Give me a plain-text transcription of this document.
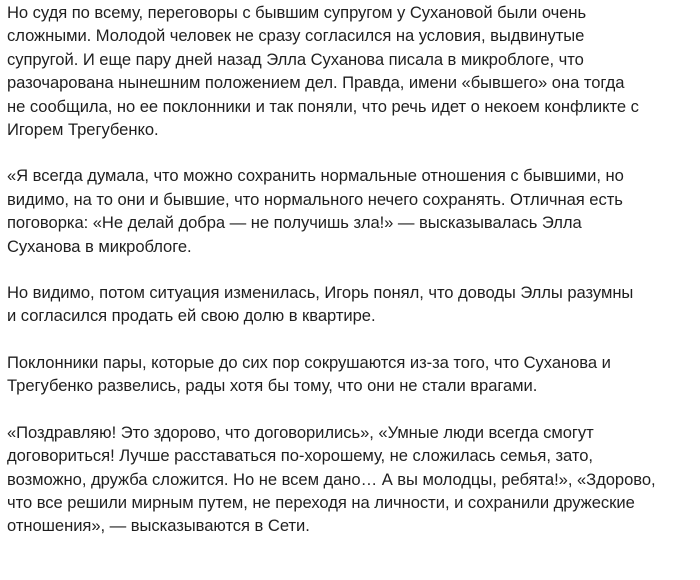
Но судя по всему, переговоры с бывшим супругом у Сухановой были очень
сложными. Молодой человек не сразу согласился на условия, выдвинутые
супругой. И еще пару дней назад Элла Суханова писала в микроблоге, что
разочарована нынешним положением дел. Правда, имени «бывшего» она тогда
не сообщила, но ее поклонники и так поняли, что речь идет о некоем конфликте с
Игорем Трегубенко.

«Я всегда думала, что можно сохранить нормальные отношения с бывшими, но
видимо, на то они и бывшие, что нормального нечего сохранять. Отличная есть
поговорка: «Не делай добра — не получишь зла!» — высказывалась Элла
Суханова в микроблоге.

Но видимо, потом ситуация изменилась, Игорь понял, что доводы Эллы разумны
и согласился продать ей свою долю в квартире.

Поклонники пары, которые до сих пор сокрушаются из-за того, что Суханова и
Трегубенко развелись, рады хотя бы тому, что они не стали врагами.

«Поздравляю! Это здорово, что договорились», «Умные люди всегда смогут
договориться! Лучше расставаться по-хорошему, не сложилась семья, зато,
возможно, дружба сложится. Но не всем дано… А вы молодцы, ребята!», «Здорово,
что все решили мирным путем, не переходя на личности, и сохранили дружеские
отношения», — высказываются в Сети.
